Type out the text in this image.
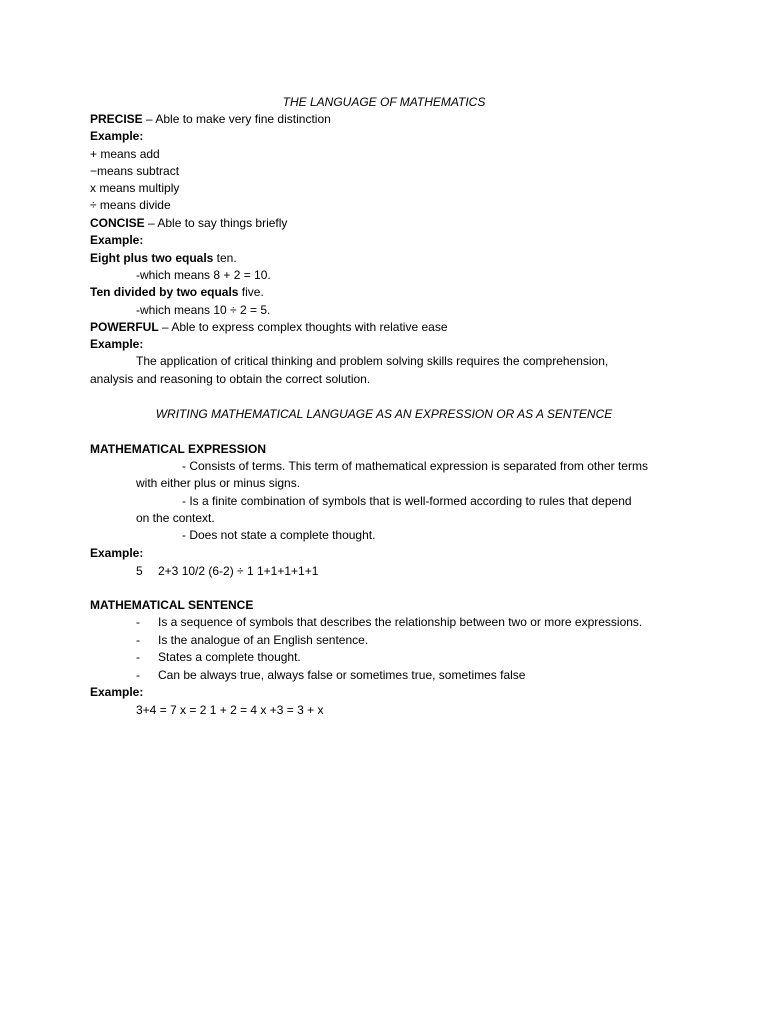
THE LANGUAGE OF MATHEMATICS
PRECISE – Able to make very fine distinction
Example:
+ means add
−means subtract
x means multiply
÷ means divide
CONCISE – Able to say things briefly
Example:
Eight plus two equals ten.
-which means 8 + 2 = 10.
Ten divided by two equals five.
-which means 10 ÷ 2 = 5.
POWERFUL – Able to express complex thoughts with relative ease
Example:
The application of critical thinking and problem solving skills requires the comprehension,
analysis and reasoning to obtain the correct solution.
WRITING MATHEMATICAL LANGUAGE AS AN EXPRESSION OR AS A SENTENCE
MATHEMATICAL EXPRESSION
- Consists of terms. This term of mathematical expression is separated from other terms
with either plus or minus signs.
- Is a finite combination of symbols that is well-formed according to rules that depend
on the context.
- Does not state a complete thought.
Example:
5 2+3 10/2 (6-2) ÷ 1 1+1+1+1+1
MATHEMATICAL SENTENCE
- Is a sequence of symbols that describes the relationship between two or more expressions.
- Is the analogue of an English sentence.
- States a complete thought.
- Can be always true, always false or sometimes true, sometimes false
Example:
3+4 = 7 x = 2 1 + 2 = 4 x +3 = 3 + x
